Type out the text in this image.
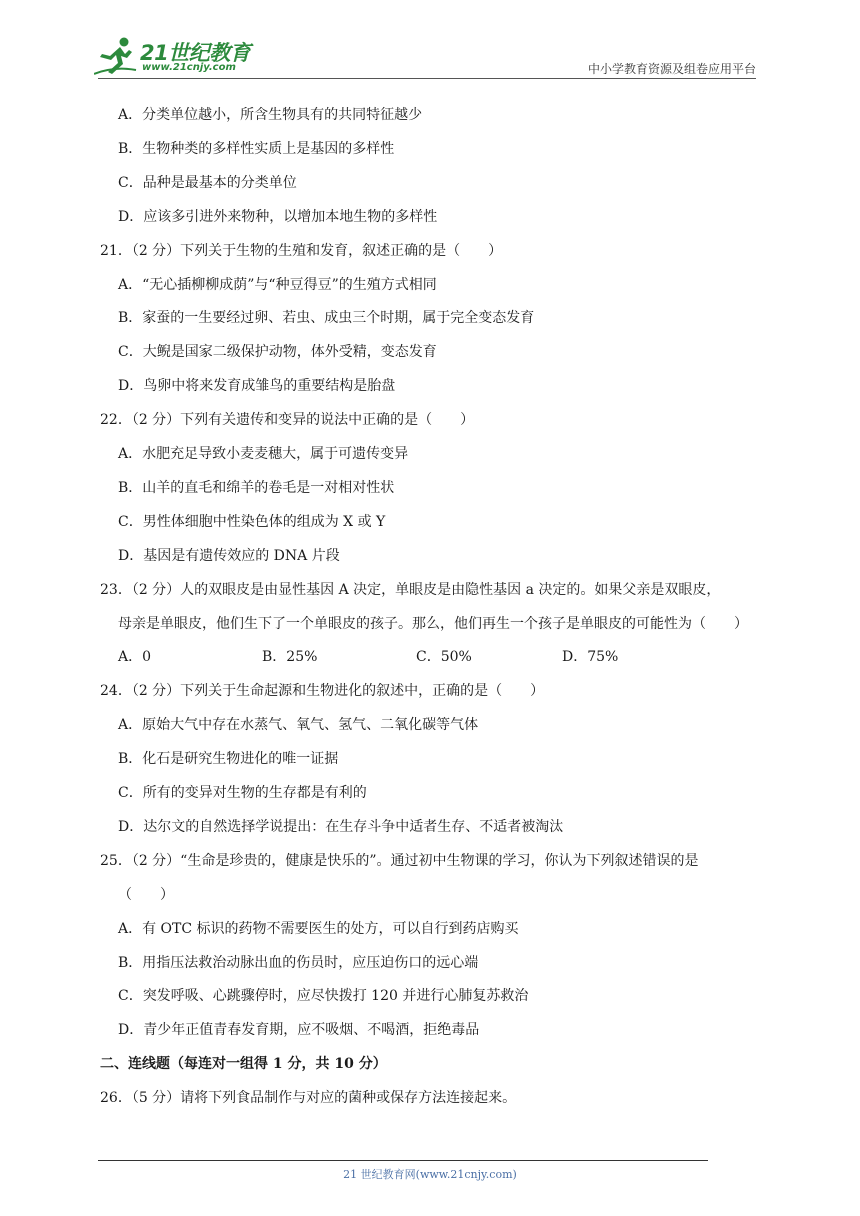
21世纪教育
www.21cnjy.com	中小学教育资源及组卷应用平台
A．分类单位越小，所含生物具有的共同特征越少
B．生物种类的多样性实质上是基因的多样性
C．品种是最基本的分类单位
D．应该多引进外来物种，以增加本地生物的多样性
21．（2 分）下列关于生物的生殖和发育，叙述正确的是（　　）
A．“无心插柳柳成荫”与“种豆得豆”的生殖方式相同
B．家蚕的一生要经过卵、若虫、成虫三个时期，属于完全变态发育
C．大鲵是国家二级保护动物，体外受精，变态发育
D．鸟卵中将来发育成雏鸟的重要结构是胎盘
22．（2 分）下列有关遗传和变异的说法中正确的是（　　）
A．水肥充足导致小麦麦穗大，属于可遗传变异
B．山羊的直毛和绵羊的卷毛是一对相对性状
C．男性体细胞中性染色体的组成为 X 或 Y
D．基因是有遗传效应的 DNA 片段
23．（2 分）人的双眼皮是由显性基因 A 决定，单眼皮是由隐性基因 a 决定的。如果父亲是双眼皮，
母亲是单眼皮，他们生下了一个单眼皮的孩子。那么，他们再生一个孩子是单眼皮的可能性为（　　）
A．0	B．25%	C．50%	D．75%
24．（2 分）下列关于生命起源和生物进化的叙述中，正确的是（　　）
A．原始大气中存在水蒸气、氧气、氢气、二氧化碳等气体
B．化石是研究生物进化的唯一证据
C．所有的变异对生物的生存都是有利的
D．达尔文的自然选择学说提出：在生存斗争中适者生存、不适者被淘汰
25．（2 分）“生命是珍贵的，健康是快乐的”。通过初中生物课的学习，你认为下列叙述错误的是
（　　）
A．有 OTC 标识的药物不需要医生的处方，可以自行到药店购买
B．用指压法救治动脉出血的伤员时，应压迫伤口的远心端
C．突发呼吸、心跳骤停时，应尽快拨打 120 并进行心肺复苏救治
D．青少年正值青春发育期，应不吸烟、不喝酒，拒绝毒品
二、连线题（每连对一组得 1 分，共 10 分）
26．（5 分）请将下列食品制作与对应的菌种或保存方法连接起来。
21 世纪教育网(www.21cnjy.com)
